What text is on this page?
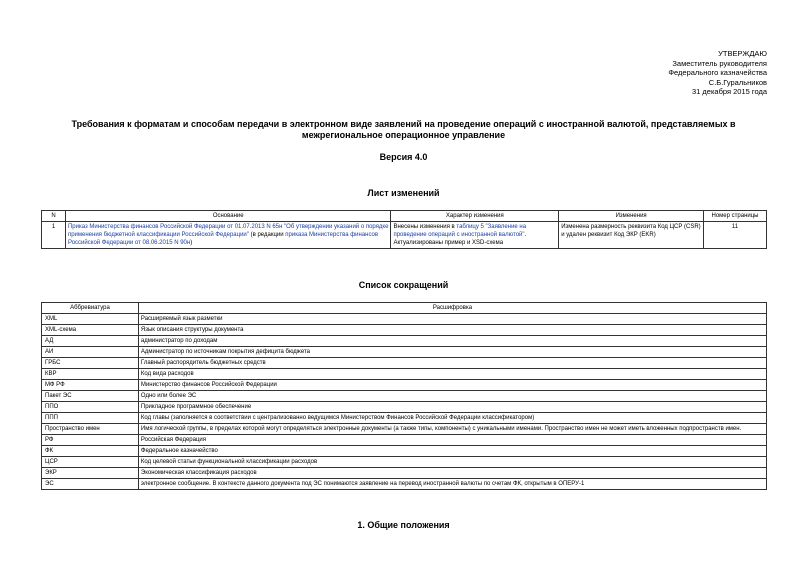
УТВЕРЖДАЮ
Заместитель руководителя
Федерального казначейства
С.Б.Гуральников
31 декабря 2015 года
Требования к форматам и способам передачи в электронном виде заявлений на проведение операций с иностранной валютой, представляемых в межрегиональное операционное управление
Версия 4.0
Лист изменений
N	Основание	Характер изменения	Изменения	Номер страницы
1	Приказ Министерства финансов Российской Федерации от 01.07.2013 N 65н "Об утверждении указаний о порядке применения бюджетной классификации Российской Федерации" (в редакции приказа Министерства финансов Российской Федерации от 08.06.2015 N 90н)	Внесены изменения в таблицу 5 "Заявление на проведение операций с иностранной валютой". Актуализированы пример и XSD-схема	Изменена размерность реквизита Код ЦСР (CSR) и удален реквизит Код ЭКР (EKR)	11
Список сокращений
Аббревиатура	Расшифровка
XML	Расширяемый язык разметки
XML-схема	Язык описания структуры документа
АД	администратор по доходам
АИ	Администратор по источникам покрытия дефицита бюджета
ГРБС	Главный распорядитель бюджетных средств
КВР	Код вида расходов
МФ РФ	Министерство финансов Российской Федерации
Пакет ЭС	Одно или более ЭС
ППО	Прикладное программное обеспечение
ППП	Код главы (заполняется в соответствии с централизованно ведущимся Министерством Финансов Российской Федерации классификатором)
Пространство имен	Имя логической группы, в пределах которой могут определяться электронные документы (а также типы, компоненты) с уникальными именами. Пространство имен не может иметь вложенных подпространств имен.
РФ	Российская Федерация
ФК	Федеральное казначейство
ЦСР	Код целевой статьи функциональной классификации расходов
ЭКР	Экономическая классификация расходов
ЭС	электронное сообщение. В контексте данного документа под ЭС понимаются заявление на перевод иностранной валюты по счетам ФК, открытым в ОПЕРУ-1
1. Общие положения
